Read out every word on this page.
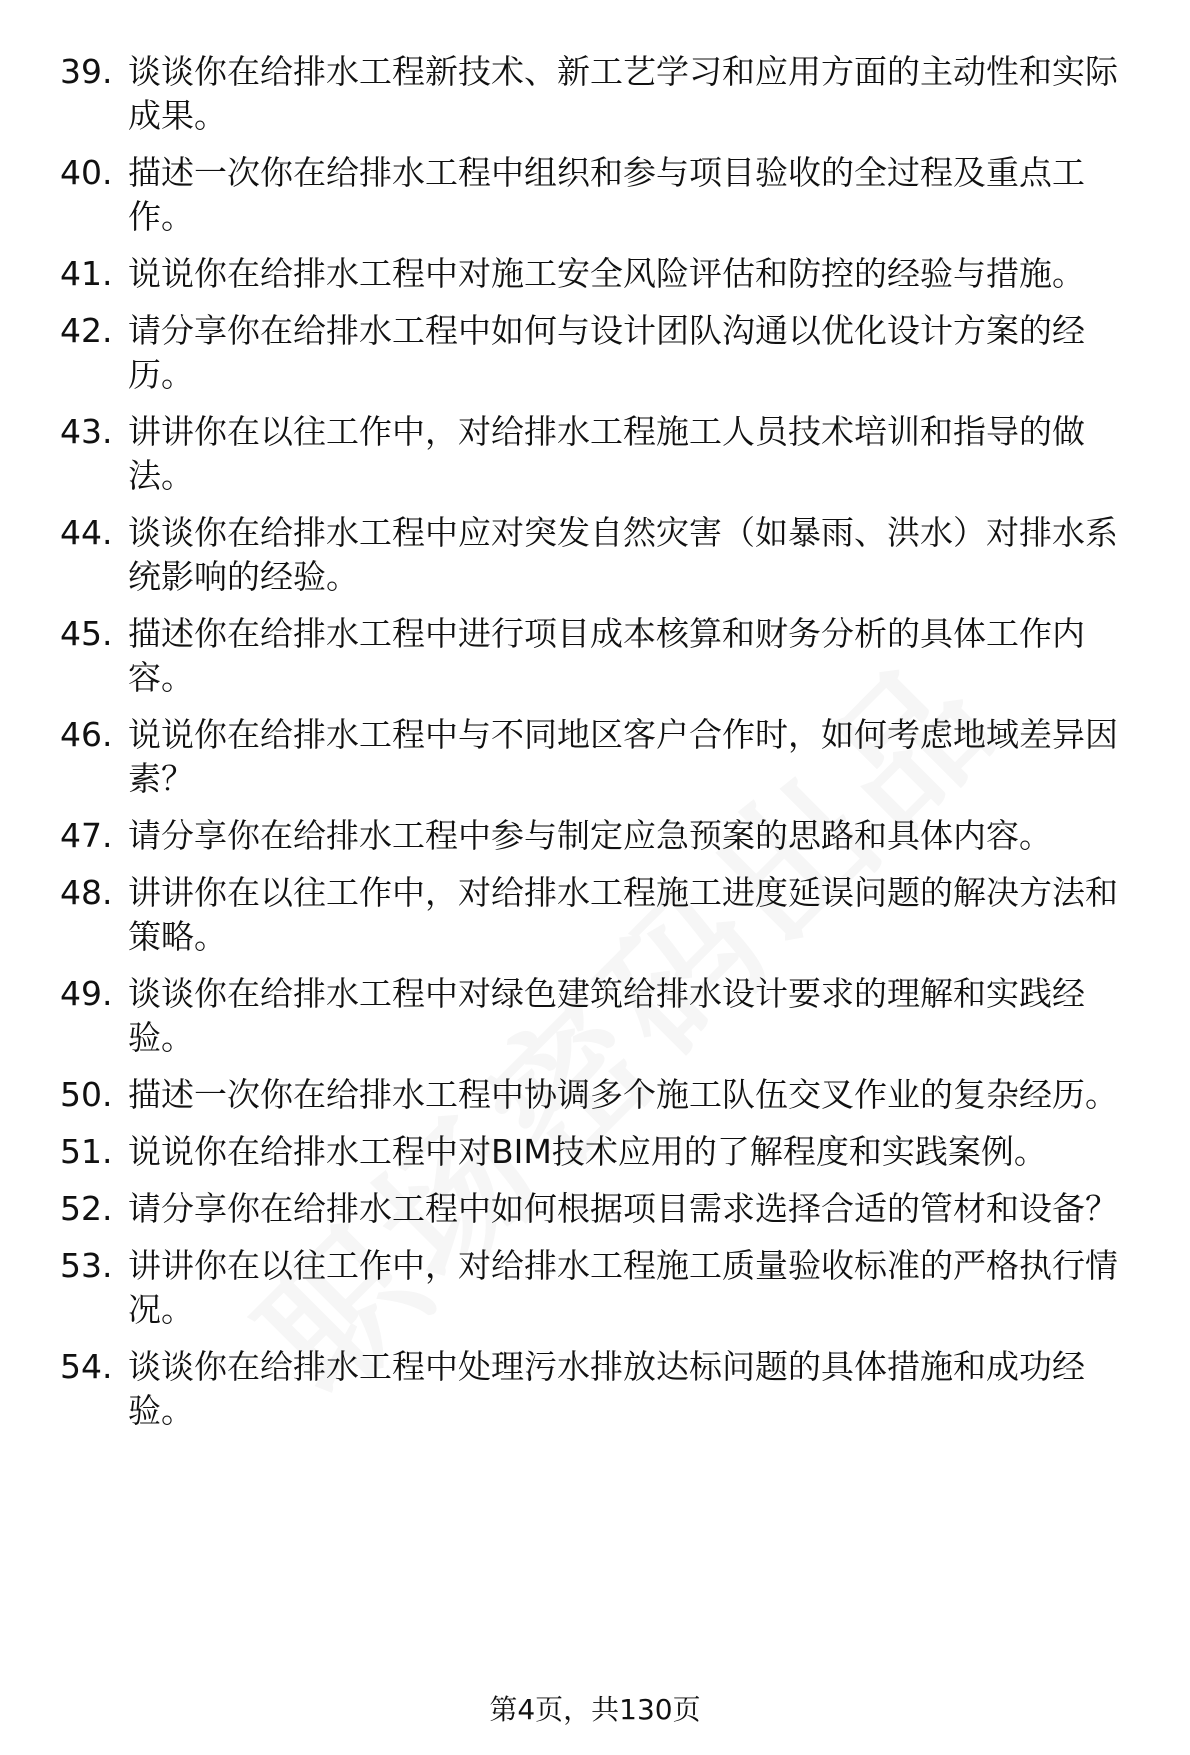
39. 谈谈你在给排水工程新技术、新工艺学习和应用方面的主动性和实际成果。
40. 描述一次你在给排水工程中组织和参与项目验收的全过程及重点工作。
41. 说说你在给排水工程中对施工安全风险评估和防控的经验与措施。
42. 请分享你在给排水工程中如何与设计团队沟通以优化设计方案的经历。
43. 讲讲你在以往工作中，对给排水工程施工人员技术培训和指导的做法。
44. 谈谈你在给排水工程中应对突发自然灾害（如暴雨、洪水）对排水系统影响的经验。
45. 描述你在给排水工程中进行项目成本核算和财务分析的具体工作内容。
46. 说说你在给排水工程中与不同地区客户合作时，如何考虑地域差异因素？
47. 请分享你在给排水工程中参与制定应急预案的思路和具体内容。
48. 讲讲你在以往工作中，对给排水工程施工进度延误问题的解决方法和策略。
49. 谈谈你在给排水工程中对绿色建筑给排水设计要求的理解和实践经验。
50. 描述一次你在给排水工程中协调多个施工队伍交叉作业的复杂经历。
51. 说说你在给排水工程中对BIM技术应用的了解程度和实践案例。
52. 请分享你在给排水工程中如何根据项目需求选择合适的管材和设备？
53. 讲讲你在以往工作中，对给排水工程施工质量验收标准的严格执行情况。
54. 谈谈你在给排水工程中处理污水排放达标问题的具体措施和成功经验。
第4页，共130页
